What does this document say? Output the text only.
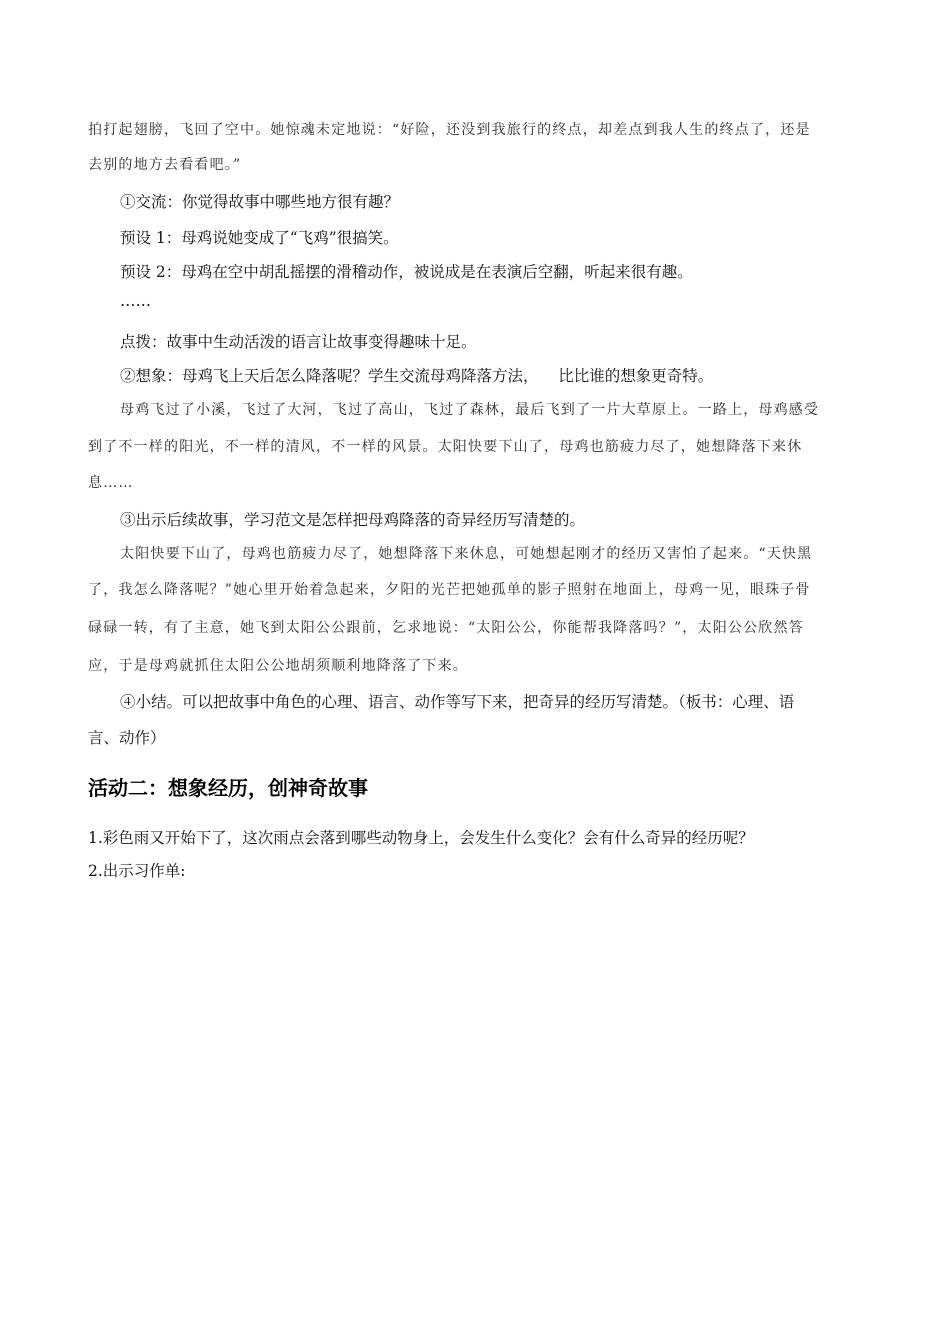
拍打起翅膀，飞回了空中。她惊魂未定地说：“好险，还没到我旅行的终点，却差点到我人生的终点了，还是

去别的地方去看看吧。”

①交流：你觉得故事中哪些地方很有趣？

预设 1：母鸡说她变成了“飞鸡”很搞笑。

预设 2：母鸡在空中胡乱摇摆的滑稽动作，被说成是在表演后空翻，听起来很有趣。

……

点拨：故事中生动活泼的语言让故事变得趣味十足。

②想象：母鸡飞上天后怎么降落呢？学生交流母鸡降落方法，    比比谁的想象更奇特。

母鸡飞过了小溪，飞过了大河，飞过了高山，飞过了森林，最后飞到了一片大草原上。一路上，母鸡感受

到了不一样的阳光，不一样的清风，不一样的风景。太阳快要下山了，母鸡也筋疲力尽了，她想降落下来休

息……

③出示后续故事，学习范文是怎样把母鸡降落的奇异经历写清楚的。

太阳快要下山了，母鸡也筋疲力尽了，她想降落下来休息，可她想起刚才的经历又害怕了起来。“天快黑

了，我怎么降落呢？”她心里开始着急起来，夕阳的光芒把她孤单的影子照射在地面上，母鸡一见，眼珠子骨

碌碌一转，有了主意，她飞到太阳公公跟前，乞求地说：“太阳公公，你能帮我降落吗？”，太阳公公欣然答

应，于是母鸡就抓住太阳公公地胡须顺利地降落了下来。

④小结。可以把故事中角色的心理、语言、动作等写下来，把奇异的经历写清楚。（板书：心理、语

言、动作）

活动二：想象经历，创神奇故事

1.彩色雨又开始下了，这次雨点会落到哪些动物身上，会发生什么变化？会有什么奇异的经历呢？

2.出示习作单:
